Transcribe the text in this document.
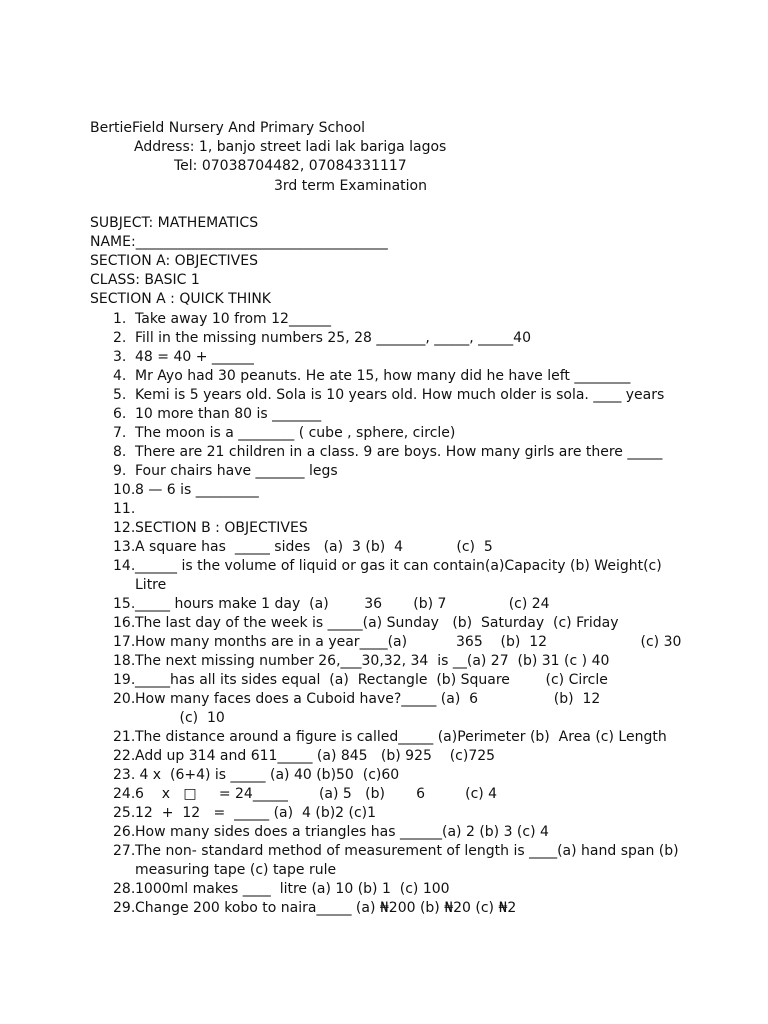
BertieField Nursery And Primary School
Address: 1, banjo street ladi lak bariga lagos
Tel: 07038704482, 07084331117
3rd term Examination
SUBJECT: MATHEMATICS
NAME:____________________________________
SECTION A: OBJECTIVES
CLASS: BASIC 1
SECTION A : QUICK THINK
1. Take away 10 from 12______
2. Fill in the missing numbers 25, 28 _______, _____, _____40
3. 48 = 40 + ______
4. Mr Ayo had 30 peanuts. He ate 15, how many did he have left ________
5. Kemi is 5 years old. Sola is 10 years old. How much older is sola. ____ years
6. 10 more than 80 is _______
7. The moon is a ________ ( cube , sphere, circle)
8. There are 21 children in a class. 9 are boys. How many girls are there _____
9. Four chairs have _______ legs
10. 8 — 6 is _________
11.
12. SECTION B : OBJECTIVES
13. A square has  _____ sides   (a)  3 (b)  4            (c)  5
14. ______ is the volume of liquid or gas it can contain(a)Capacity (b) Weight(c)
Litre
15. _____ hours make 1 day  (a)        36       (b) 7              (c) 24
16. The last day of the week is _____(a) Sunday   (b)  Saturday  (c) Friday
17. How many months are in a year____(a)           365    (b)  12                     (c) 30
18. The next missing number 26,___30,32, 34  is __(a) 27  (b) 31 (c ) 40
19. _____has all its sides equal  (a)  Rectangle  (b) Square        (c) Circle
20. How many faces does a Cuboid have?_____ (a)  6                 (b)  12
(c)  10
21. The distance around a figure is called_____ (a)Perimeter (b)  Area (c) Length
22. Add up 314 and 611_____ (a) 845   (b) 925    (c)725
23. 4 x  (6+4) is _____ (a) 40 (b)50  (c)60
24. 6    x   □     = 24_____       (a) 5   (b)       6         (c) 4
25. 12  +  12   =  _____ (a)  4 (b)2 (c)1
26. How many sides does a triangles has ______(a) 2 (b) 3 (c) 4
27. The non- standard method of measurement of length is ____(a) hand span (b)
measuring tape (c) tape rule
28. 1000ml makes ____  litre (a) 10 (b) 1  (c) 100
29. Change 200 kobo to naira_____ (a) ₦200 (b) ₦20 (c) ₦2
